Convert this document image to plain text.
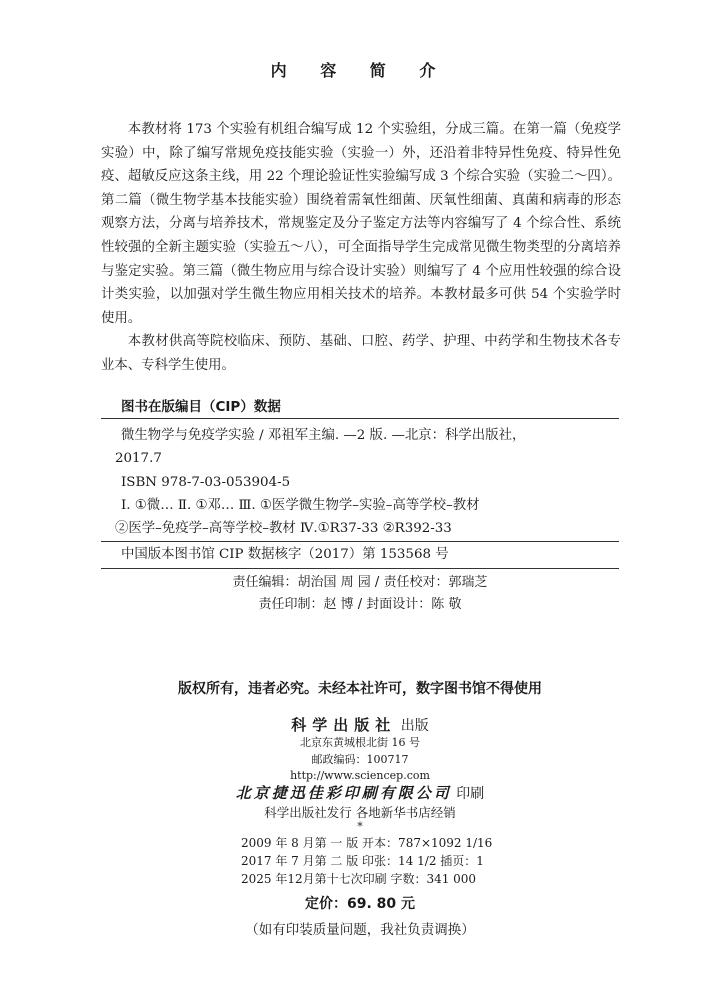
内 容 简 介

本教材将 173 个实验有机组合编写成 12 个实验组，分成三篇。在第一篇（免疫学实验）中，除了编写常规免疫技能实验（实验一）外，还沿着非特异性免疫、特异性免疫、超敏反应这条主线，用 22 个理论验证性实验编写成 3 个综合实验（实验二～四）。第二篇（微生物学基本技能实验）围绕着需氧性细菌、厌氧性细菌、真菌和病毒的形态观察方法，分离与培养技术，常规鉴定及分子鉴定方法等内容编写了 4 个综合性、系统性较强的全新主题实验（实验五～八），可全面指导学生完成常见微生物类型的分离培养与鉴定实验。第三篇（微生物应用与综合设计实验）则编写了 4 个应用性较强的综合设计类实验，以加强对学生微生物应用相关技术的培养。本教材最多可供 54 个实验学时使用。

本教材供高等院校临床、预防、基础、口腔、药学、护理、中药学和生物技术各专业本、专科学生使用。

图书在版编目（CIP）数据
微生物学与免疫学实验 / 邓祖军主编. —2 版. —北京：科学出版社，
2017.7
ISBN 978-7-03-053904-5
Ⅰ. ①微… Ⅱ. ①邓… Ⅲ. ①医学微生物学–实验–高等学校–教材
②医学–免疫学–高等学校–教材 Ⅳ.①R37-33 ②R392-33
中国版本图书馆 CIP 数据核字（2017）第 153568 号
责任编辑：胡治国 周 园 / 责任校对：郭瑞芝
责任印制：赵 博 / 封面设计：陈 敬
版权所有，违者必究。未经本社许可，数字图书馆不得使用
科学出版社 出版
北京东黄城根北街 16 号
邮政编码：100717
http://www.sciencep.com
北京捷迅佳彩印刷有限公司 印刷
科学出版社发行 各地新华书店经销
*
2009 年 8 月第 一 版 开本：787×1092 1/16
2017 年 7 月第 二 版 印张：14 1/2 插页：1
2025 年12月第十七次印刷 字数：341 000
定价：69. 80 元
（如有印装质量问题，我社负责调换）
